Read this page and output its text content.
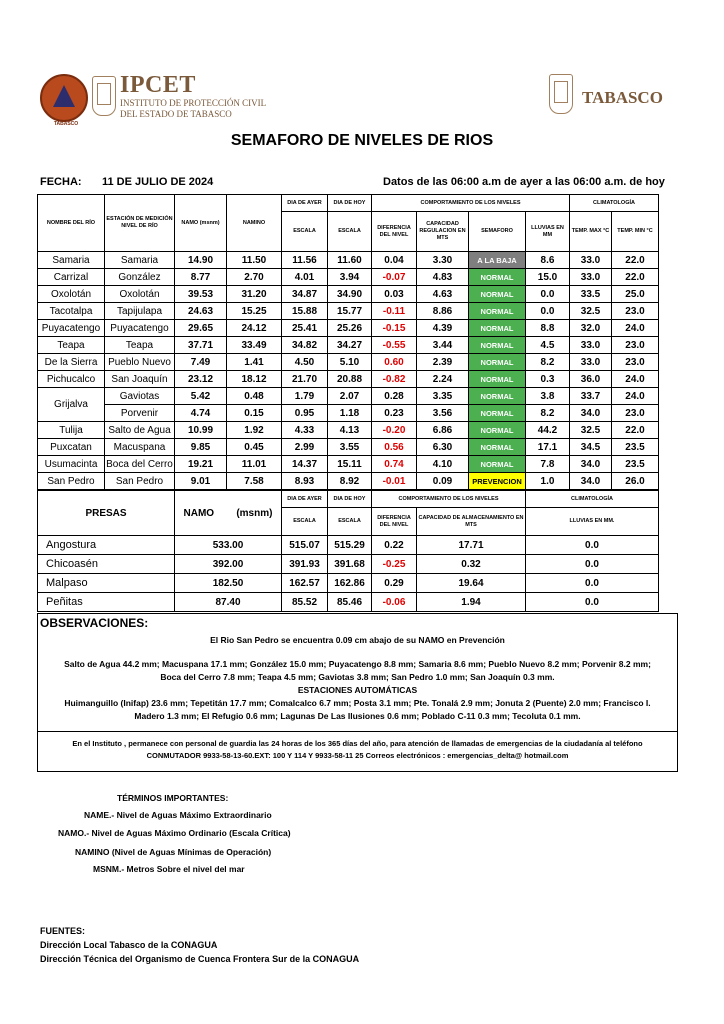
TABASCO
IPCET
INSTITUTO DE PROTECCIÓN CIVIL
DEL ESTADO DE TABASCO
TABASCO
SEMAFORO DE NIVELES DE RIOS
FECHA: 11 DE JULIO DE 2024	Datos de las 06:00 a.m de ayer a las 06:00 a.m. de hoy
NOMBRE DEL RÍO	ESTACIÓN DE MEDICIÓN NIVEL DE RÍO	NAMO (msnm)	NAMINO	DIA DE AYER	DIA DE HOY	COMPORTAMIENTO DE LOS NIVELES				CLIMATOLOGÍA	
				ESCALA	ESCALA	DIFERENCIA DEL NIVEL	CAPACIDAD REGULACION EN MTS	SEMAFORO	LLUVIAS EN MM	TEMP. MAX °C	TEMP. MIN °C
Samaria	Samaria	14.90	11.50	11.56	11.60	0.04	3.30	A LA BAJA	8.6	33.0	22.0
Carrizal	González	8.77	2.70	4.01	3.94	-0.07	4.83	NORMAL	15.0	33.0	22.0
Oxolotán	Oxolotán	39.53	31.20	34.87	34.90	0.03	4.63	NORMAL	0.0	33.5	25.0
Tacotalpa	Tapijulapa	24.63	15.25	15.88	15.77	-0.11	8.86	NORMAL	0.0	32.5	23.0
Puyacatengo	Puyacatengo	29.65	24.12	25.41	25.26	-0.15	4.39	NORMAL	8.8	32.0	24.0
Teapa	Teapa	37.71	33.49	34.82	34.27	-0.55	3.44	NORMAL	4.5	33.0	23.0
De la Sierra	Pueblo Nuevo	7.49	1.41	4.50	5.10	0.60	2.39	NORMAL	8.2	33.0	23.0
Pichucalco	San Joaquín	23.12	18.12	21.70	20.88	-0.82	2.24	NORMAL	0.3	36.0	24.0
Grijalva	Gaviotas	5.42	0.48	1.79	2.07	0.28	3.35	NORMAL	3.8	33.7	24.0
	Porvenir	4.74	0.15	0.95	1.18	0.23	3.56	NORMAL	8.2	34.0	23.0
Tulija	Salto de Agua	10.99	1.92	4.33	4.13	-0.20	6.86	NORMAL	44.2	32.5	22.0
Puxcatan	Macuspana	9.85	0.45	2.99	3.55	0.56	6.30	NORMAL	17.1	34.5	23.5
Usumacinta	Boca del Cerro	19.21	11.01	14.37	15.11	0.74	4.10	NORMAL	7.8	34.0	23.5
San Pedro	San Pedro	9.01	7.58	8.93	8.92	-0.01	0.09	PREVENCION	1.0	34.0	26.0
PRESAS	NAMO (msnm)	DIA DE AYER	DIA DE HOY	COMPORTAMIENTO DE LOS NIVELES		CLIMATOLOGÍA
		ESCALA	ESCALA	DIFERENCIA DEL NIVEL	CAPACIDAD DE ALMACENAMIENTO EN MTS	LLUVIAS EN MM.
Angostura	533.00	515.07	515.29	0.22	17.71	0.0
Chicoasén	392.00	391.93	391.68	-0.25	0.32	0.0
Malpaso	182.50	162.57	162.86	0.29	19.64	0.0
Peñitas	87.40	85.52	85.46	-0.06	1.94	0.0
OBSERVACIONES:
El Rio San Pedro se encuentra 0.09 cm abajo de su NAMO en Prevención
Salto de Agua 44.2 mm; Macuspana 17.1 mm; González 15.0 mm; Puyacatengo 8.8 mm; Samaria 8.6 mm; Pueblo Nuevo 8.2 mm; Porvenir 8.2 mm;
Boca del Cerro 7.8 mm; Teapa 4.5 mm; Gaviotas 3.8 mm; San Pedro 1.0 mm; San Joaquín 0.3 mm.
ESTACIONES AUTOMÁTICAS
Huimanguillo (Inifap) 23.6 mm; Tepetitán 17.7 mm; Comalcalco 6.7 mm; Posta 3.1 mm; Pte. Tonalá 2.9 mm; Jonuta 2 (Puente) 2.0 mm; Francisco I.
Madero 1.3 mm; El Refugio 0.6 mm; Lagunas De Las Ilusiones 0.6 mm; Poblado C-11 0.3 mm; Tecoluta 0.1 mm.
En el Instituto , permanece con personal de guardia las 24 horas de los 365 días del año, para atención de llamadas de emergencias de la ciudadanía al teléfono
CONMUTADOR 9933-58-13-60.EXT: 100 Y 114 Y 9933-58-11 25 Correos electrónicos : emergencias_delta@ hotmail.com
TÉRMINOS IMPORTANTES:
NAME.- Nivel de Aguas Máximo Extraordinario
NAMO.- Nivel de Aguas Máximo Ordinario (Escala Crítica)
NAMINO (Nivel de Aguas Mínimas de Operación)
MSNM.- Metros Sobre el nivel del mar
FUENTES:
Dirección Local Tabasco de la CONAGUA
Dirección Técnica del Organismo de Cuenca Frontera Sur de la CONAGUA
